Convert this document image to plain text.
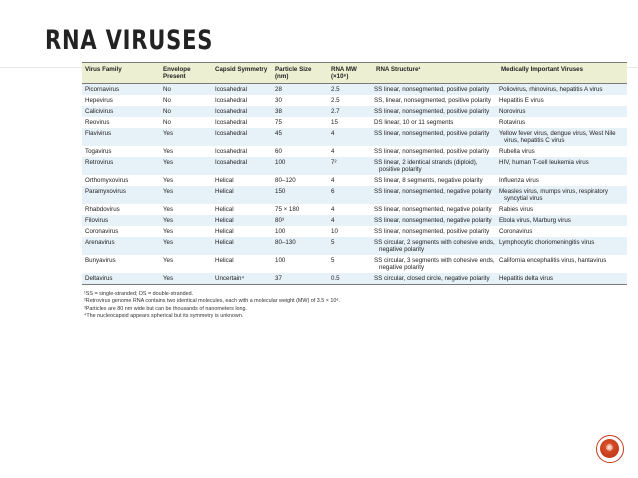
RNA VIRUSES
Virus Family	Envelope Present	Capsid Symmetry	Particle Size (nm)	RNA MW (×10⁶)	RNA Structure¹	Medically Important Viruses
Picornavirus	No	Icosahedral	28	2.5	SS linear, nonsegmented, positive polarity	Poliovirus, rhinovirus, hepatitis A virus
Hepevirus	No	Icosahedral	30	2.5	SS, linear, nonsegmented, positive polarity	Hepatitis E virus
Calicivirus	No	Icosahedral	38	2.7	SS linear, nonsegmented, positive polarity	Norovirus
Reovirus	No	Icosahedral	75	15	DS linear, 10 or 11 segments	Rotavirus
Flavivirus	Yes	Icosahedral	45	4	SS linear, nonsegmented, positive polarity	Yellow fever virus, dengue virus, West Nile virus, hepatitis C virus
Togavirus	Yes	Icosahedral	60	4	SS linear, nonsegmented, positive polarity	Rubella virus
Retrovirus	Yes	Icosahedral	100	7²	SS linear, 2 identical strands (diploid), positive polarity	HIV, human T-cell leukemia virus
Orthomyxovirus	Yes	Helical	80–120	4	SS linear, 8 segments, negative polarity	Influenza virus
Paramyxovirus	Yes	Helical	150	6	SS linear, nonsegmented, negative polarity	Measles virus, mumps virus, respiratory syncytial virus
Rhabdovirus	Yes	Helical	75 × 180	4	SS linear, nonsegmented, negative polarity	Rabies virus
Filovirus	Yes	Helical	80³	4	SS linear, nonsegmented, negative polarity	Ebola virus, Marburg virus
Coronavirus	Yes	Helical	100	10	SS linear, nonsegmented, positive polarity	Coronavirus
Arenavirus	Yes	Helical	80–130	5	SS circular, 2 segments with cohesive ends, negative polarity	Lymphocytic choriomeningitis virus
Bunyavirus	Yes	Helical	100	5	SS circular, 3 segments with cohesive ends, negative polarity	California encephalitis virus, hantavirus
Deltavirus	Yes	Uncertain⁴	37	0.5	SS circular, closed circle, negative polarity	Hepatitis delta virus
¹SS = single-stranded; DS = double-stranded.
²Retrovirus genome RNA contains two identical molecules, each with a molecular weight (MW) of 3.5 × 10⁶.
³Particles are 80 nm wide but can be thousands of nanometers long.
⁴The nucleocapsid appears spherical but its symmetry is unknown.
✺
